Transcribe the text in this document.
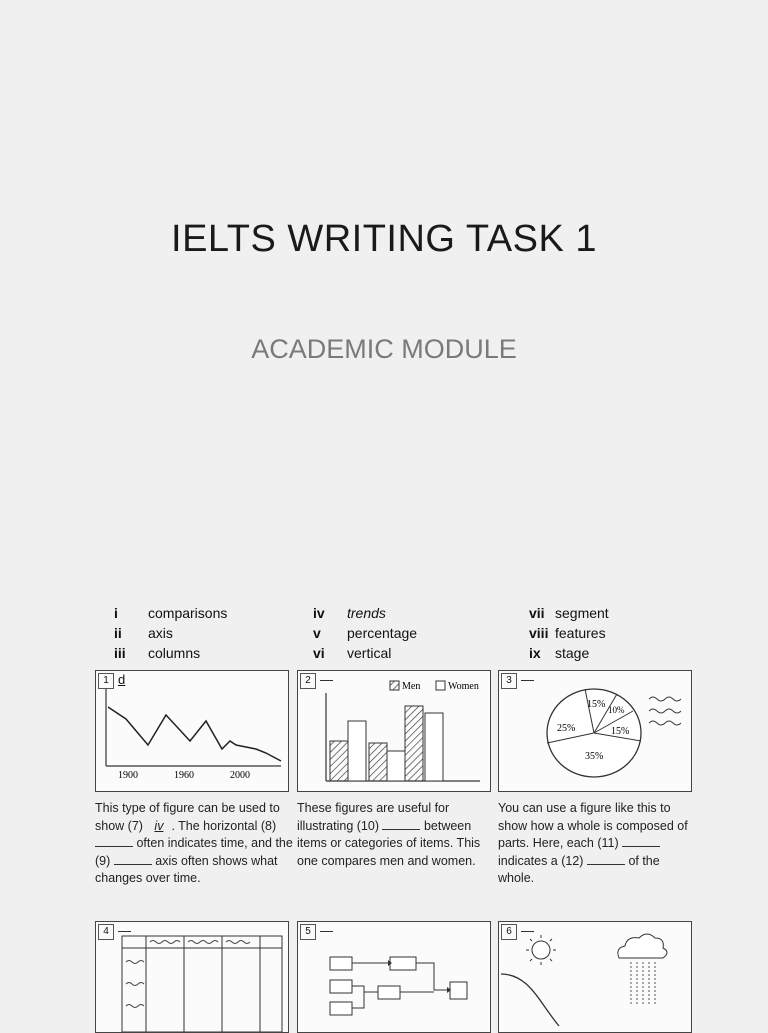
IELTS WRITING TASK 1
ACADEMIC MODULE
i	comparisons
ii	axis
iii	columns
iv	trends
v	percentage
vi	vertical
vii segment
viii features
ix	stage
1 d
1900	1960	2000
2 —	Men	Women
3 —
15% 10%
15%
35%
25%
This type of figure can be used to show (7) iv . The horizontal (8)  often indicates time, and the (9)	axis often shows what changes over time.
These figures are useful for illustrating (10)	between items or categories of items. This one compares men and women.
You can use a figure like this to show how a whole is composed of parts. Here, each (11)  indicates a (12)	of the whole.
4 —	5 —	6 —
